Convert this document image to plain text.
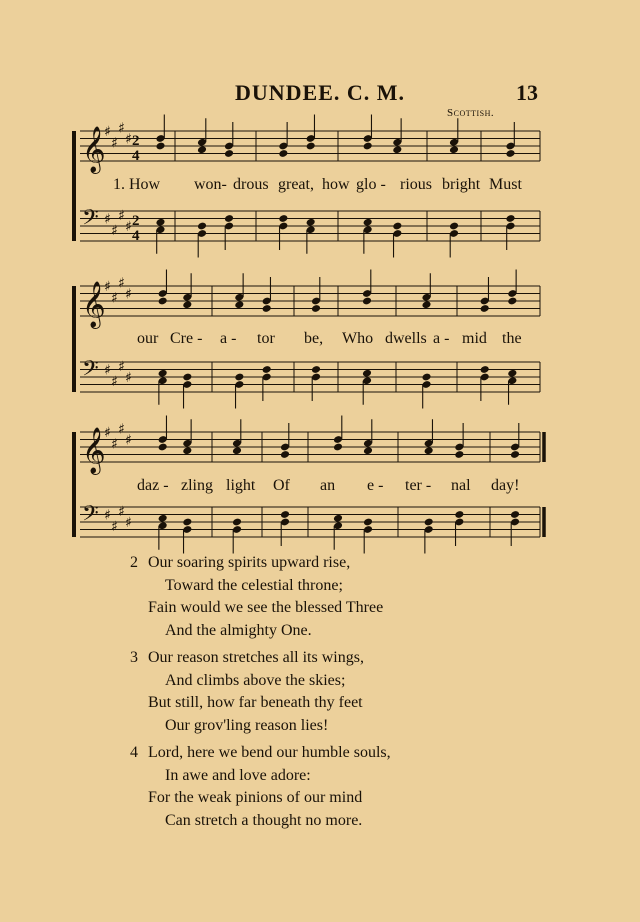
DUNDEE. C. M.	13
Scottish.
𝄞
♯
♯
♯
♯ 2
4
𝄢 ♯
♯
♯
♯ 2
4
𝄞
♯
♯
♯
♯
𝄢 ♯
♯
♯
♯
𝄞
♯
♯
♯
♯
𝄢 ♯
♯
♯
♯
1. How won- drous great, how glo - rious bright Must
our Cre - a - tor be, Who dwells a - mid the
daz - zling light Of an e - ter - nal day!
2 Our soaring spirits upward rise,
Toward the celestial throne;
Fain would we see the blessed Three
And the almighty One.
3 Our reason stretches all its wings,
And climbs above the skies;
But still, how far beneath thy feet
Our grov'ling reason lies!
4 Lord, here we bend our humble souls,
In awe and love adore:
For the weak pinions of our mind
Can stretch a thought no more.
